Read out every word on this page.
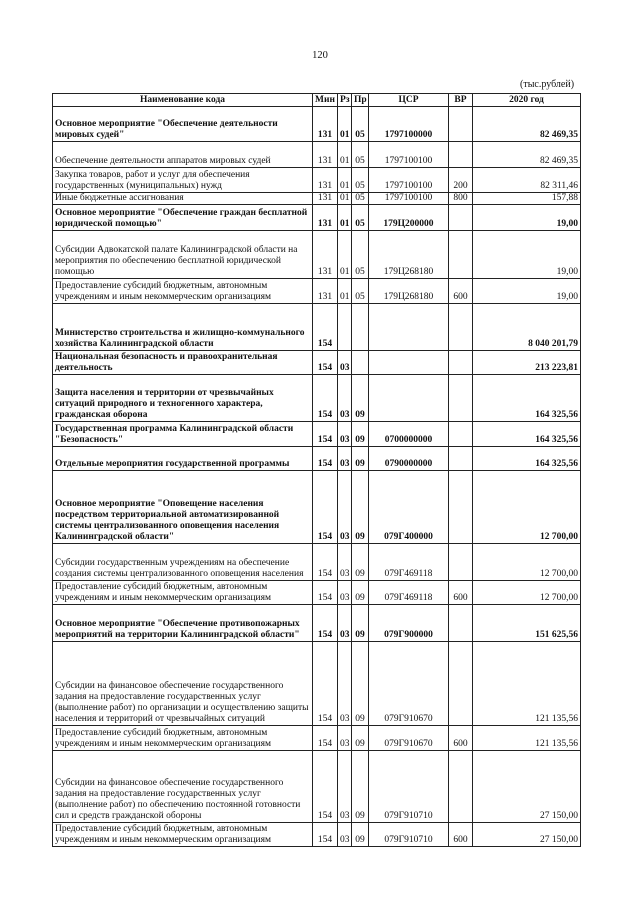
120
(тыс.рублей)
Наименование кода	Мин	Рз	Пр	ЦСР	ВР	2020 год
Основное мероприятие "Обеспечение деятельности мировых судей"	131	01	05	1797100000		82 469,35
Обеспечение деятельности аппаратов мировых судей	131	01	05	1797100100		82 469,35
Закупка товаров, работ и услуг для обеспечения государственных (муниципальных) нужд	131	01	05	1797100100	200	82 311,46
Иные бюджетные ассигнования	131	01	05	1797100100	800	157,88
Основное мероприятие "Обеспечение граждан бесплатной юридической помощью"	131	01	05	179Ц200000		19,00
Субсидии Адвокатской палате Калининградской области на мероприятия по обеспечению бесплатной юридической помощью	131	01	05	179Ц268180		19,00
Предоставление субсидий бюджетным, автономным учреждениям и иным некоммерческим организациям	131	01	05	179Ц268180	600	19,00
Министерство строительства и жилищно-коммунального хозяйства Калининградской области	154					8 040 201,79
Национальная безопасность и правоохранительная деятельность	154	03				213 223,81
Защита населения и территории от чрезвычайных ситуаций природного и техногенного характера, гражданская оборона	154	03	09			164 325,56
Государственная программа Калининградской области "Безопасность"	154	03	09	0700000000		164 325,56
Отдельные мероприятия государственной программы	154	03	09	0790000000		164 325,56
Основное мероприятие "Оповещение населения посредством территориальной автоматизированной системы централизованного оповещения населения Калининградской области"	154	03	09	079Г400000		12 700,00
Субсидии государственным учреждениям на обеспечение создания системы централизованного оповещения населения	154	03	09	079Г469118		12 700,00
Предоставление субсидий бюджетным, автономным учреждениям и иным некоммерческим организациям	154	03	09	079Г469118	600	12 700,00
Основное мероприятие "Обеспечение противопожарных мероприятий на территории Калининградской области"	154	03	09	079Г900000		151 625,56
Субсидии на финансовое обеспечение государственного задания на предоставление государственных услуг (выполнение работ) по организации и осуществлению защиты населения и территорий от чрезвычайных ситуаций	154	03	09	079Г910670		121 135,56
Предоставление субсидий бюджетным, автономным учреждениям и иным некоммерческим организациям	154	03	09	079Г910670	600	121 135,56
Субсидии на финансовое обеспечение государственного задания на предоставление государственных услуг (выполнение работ) по обеспечению постоянной готовности сил и средств гражданской обороны	154	03	09	079Г910710		27 150,00
Предоставление субсидий бюджетным, автономным учреждениям и иным некоммерческим организациям	154	03	09	079Г910710	600	27 150,00
